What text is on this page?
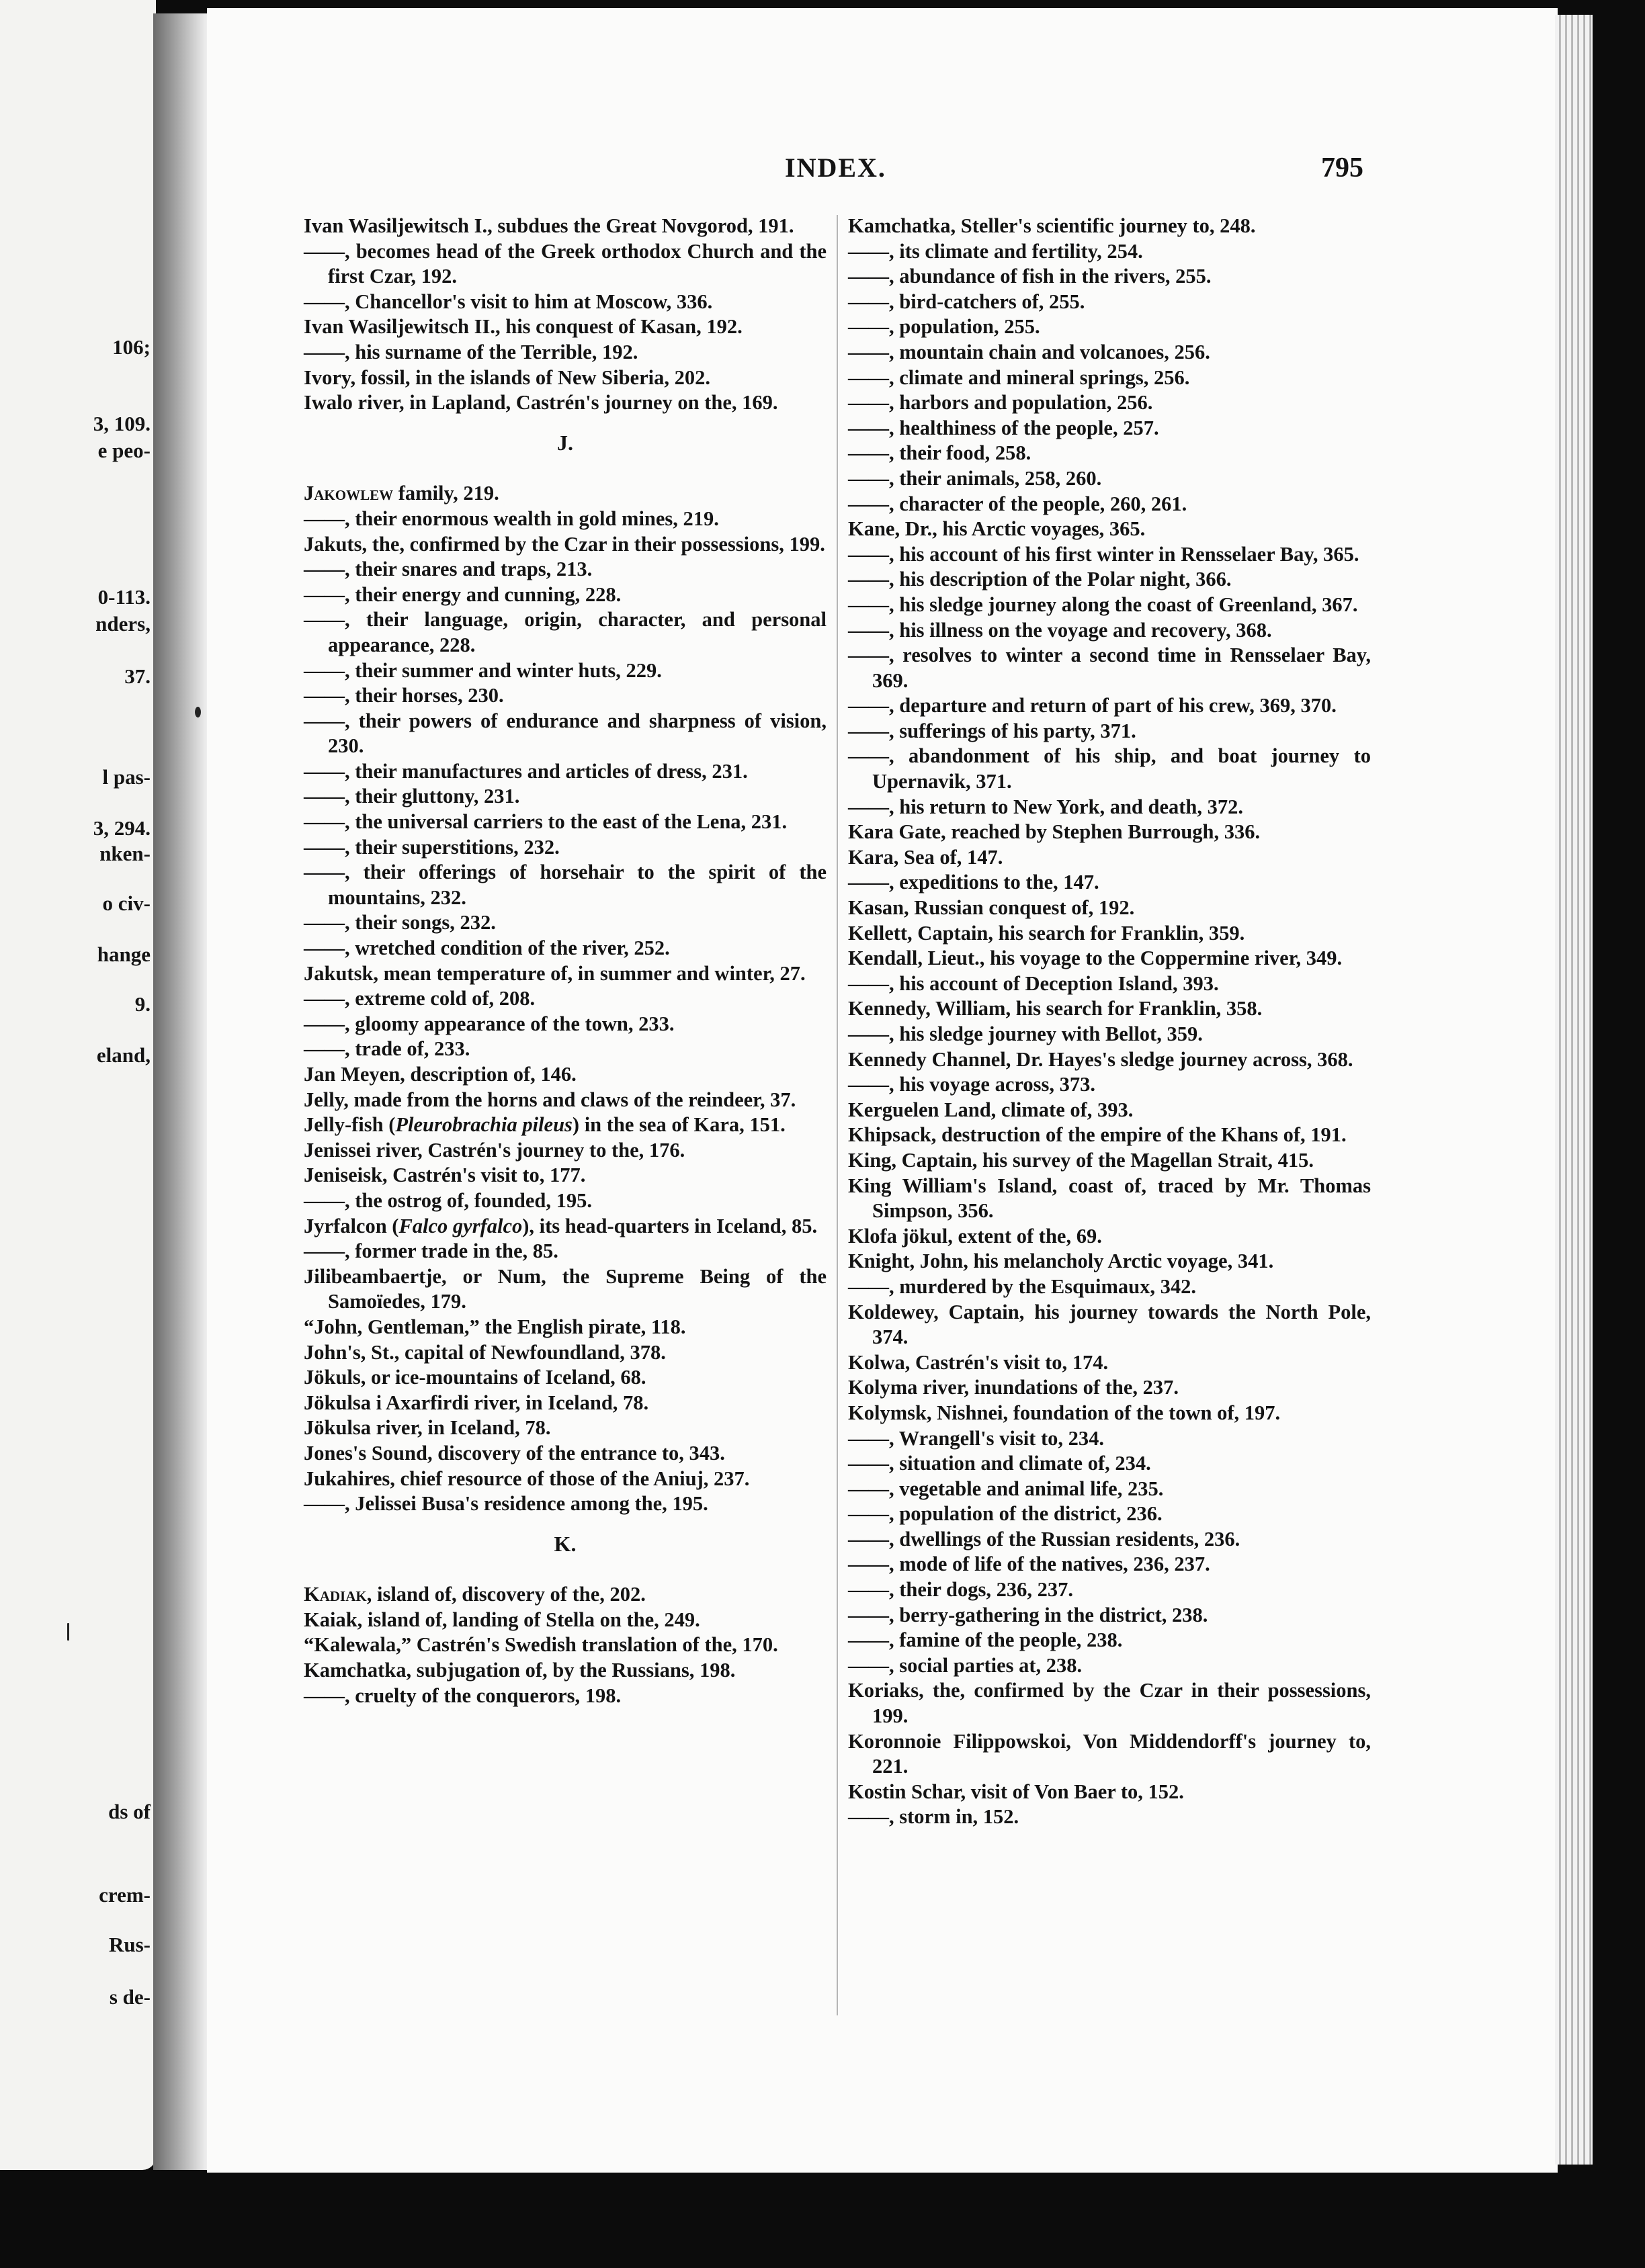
106;
3, 109.
e peo-
0-113.
nders,
37.
l pas-
3, 294.
nken-
o civ-
hange
9.
eland,
ds of
crem-
Rus-
s de-
INDEX.	795

Ivan Wasiljewitsch I., subdues the Great Novgorod, 191.

——, becomes head of the Greek orthodox Church and the first Czar, 192.

——, Chancellor's visit to him at Moscow, 336.

Ivan Wasiljewitsch II., his conquest of Kasan, 192.

——, his surname of the Terrible, 192.

Ivory, fossil, in the islands of New Siberia, 202.

Iwalo river, in Lapland, Castrén's journey on the, 169.

J.

Jakowlew family, 219.

——, their enormous wealth in gold mines, 219.

Jakuts, the, confirmed by the Czar in their possessions, 199.

——, their snares and traps, 213.

——, their energy and cunning, 228.

——, their language, origin, character, and personal appearance, 228.

——, their summer and winter huts, 229.

——, their horses, 230.

——, their powers of endurance and sharpness of vision, 230.

——, their manufactures and articles of dress, 231.

——, their gluttony, 231.

——, the universal carriers to the east of the Lena, 231.

——, their superstitions, 232.

——, their offerings of horsehair to the spirit of the mountains, 232.

——, their songs, 232.

——, wretched condition of the river, 252.

Jakutsk, mean temperature of, in summer and winter, 27.

——, extreme cold of, 208.

——, gloomy appearance of the town, 233.

——, trade of, 233.

Jan Meyen, description of, 146.

Jelly, made from the horns and claws of the reindeer, 37.

Jelly-fish (Pleurobrachia pileus) in the sea of Kara, 151.

Jenissei river, Castrén's journey to the, 176.

Jeniseisk, Castrén's visit to, 177.

——, the ostrog of, founded, 195.

Jyrfalcon (Falco gyrfalco), its head-quarters in Iceland, 85.

——, former trade in the, 85.

Jilibeambaertje, or Num, the Supreme Being of the Samoïedes, 179.

“John, Gentleman,” the English pirate, 118.

John's, St., capital of Newfoundland, 378.

Jökuls, or ice-mountains of Iceland, 68.

Jökulsa i Axarfirdi river, in Iceland, 78.

Jökulsa river, in Iceland, 78.

Jones's Sound, discovery of the entrance to, 343.

Jukahires, chief resource of those of the Aniuj, 237.

——, Jelissei Busa's residence among the, 195.

K.

Kadiak, island of, discovery of the, 202.

Kaiak, island of, landing of Stella on the, 249.

“Kalewala,” Castrén's Swedish translation of the, 170.

Kamchatka, subjugation of, by the Russians, 198.

——, cruelty of the conquerors, 198.

Kamchatka, Steller's scientific journey to, 248.

——, its climate and fertility, 254.

——, abundance of fish in the rivers, 255.

——, bird-catchers of, 255.

——, population, 255.

——, mountain chain and volcanoes, 256.

——, climate and mineral springs, 256.

——, harbors and population, 256.

——, healthiness of the people, 257.

——, their food, 258.

——, their animals, 258, 260.

——, character of the people, 260, 261.

Kane, Dr., his Arctic voyages, 365.

——, his account of his first winter in Rensselaer Bay, 365.

——, his description of the Polar night, 366.

——, his sledge journey along the coast of Greenland, 367.

——, his illness on the voyage and recovery, 368.

——, resolves to winter a second time in Rensselaer Bay, 369.

——, departure and return of part of his crew, 369, 370.

——, sufferings of his party, 371.

——, abandonment of his ship, and boat journey to Upernavik, 371.

——, his return to New York, and death, 372.

Kara Gate, reached by Stephen Burrough, 336.

Kara, Sea of, 147.

——, expeditions to the, 147.

Kasan, Russian conquest of, 192.

Kellett, Captain, his search for Franklin, 359.

Kendall, Lieut., his voyage to the Coppermine river, 349.

——, his account of Deception Island, 393.

Kennedy, William, his search for Franklin, 358.

——, his sledge journey with Bellot, 359.

Kennedy Channel, Dr. Hayes's sledge journey across, 368.

——, his voyage across, 373.

Kerguelen Land, climate of, 393.

Khipsack, destruction of the empire of the Khans of, 191.

King, Captain, his survey of the Magellan Strait, 415.

King William's Island, coast of, traced by Mr. Thomas Simpson, 356.

Klofa jökul, extent of the, 69.

Knight, John, his melancholy Arctic voyage, 341.

——, murdered by the Esquimaux, 342.

Koldewey, Captain, his journey towards the North Pole, 374.

Kolwa, Castrén's visit to, 174.

Kolyma river, inundations of the, 237.

Kolymsk, Nishnei, foundation of the town of, 197.

——, Wrangell's visit to, 234.

——, situation and climate of, 234.

——, vegetable and animal life, 235.

——, population of the district, 236.

——, dwellings of the Russian residents, 236.

——, mode of life of the natives, 236, 237.

——, their dogs, 236, 237.

——, berry-gathering in the district, 238.

——, famine of the people, 238.

——, social parties at, 238.

Koriaks, the, confirmed by the Czar in their possessions, 199.

Koronnoie Filippowskoi, Von Middendorff's journey to, 221.

Kostin Schar, visit of Von Baer to, 152.

——, storm in, 152.
